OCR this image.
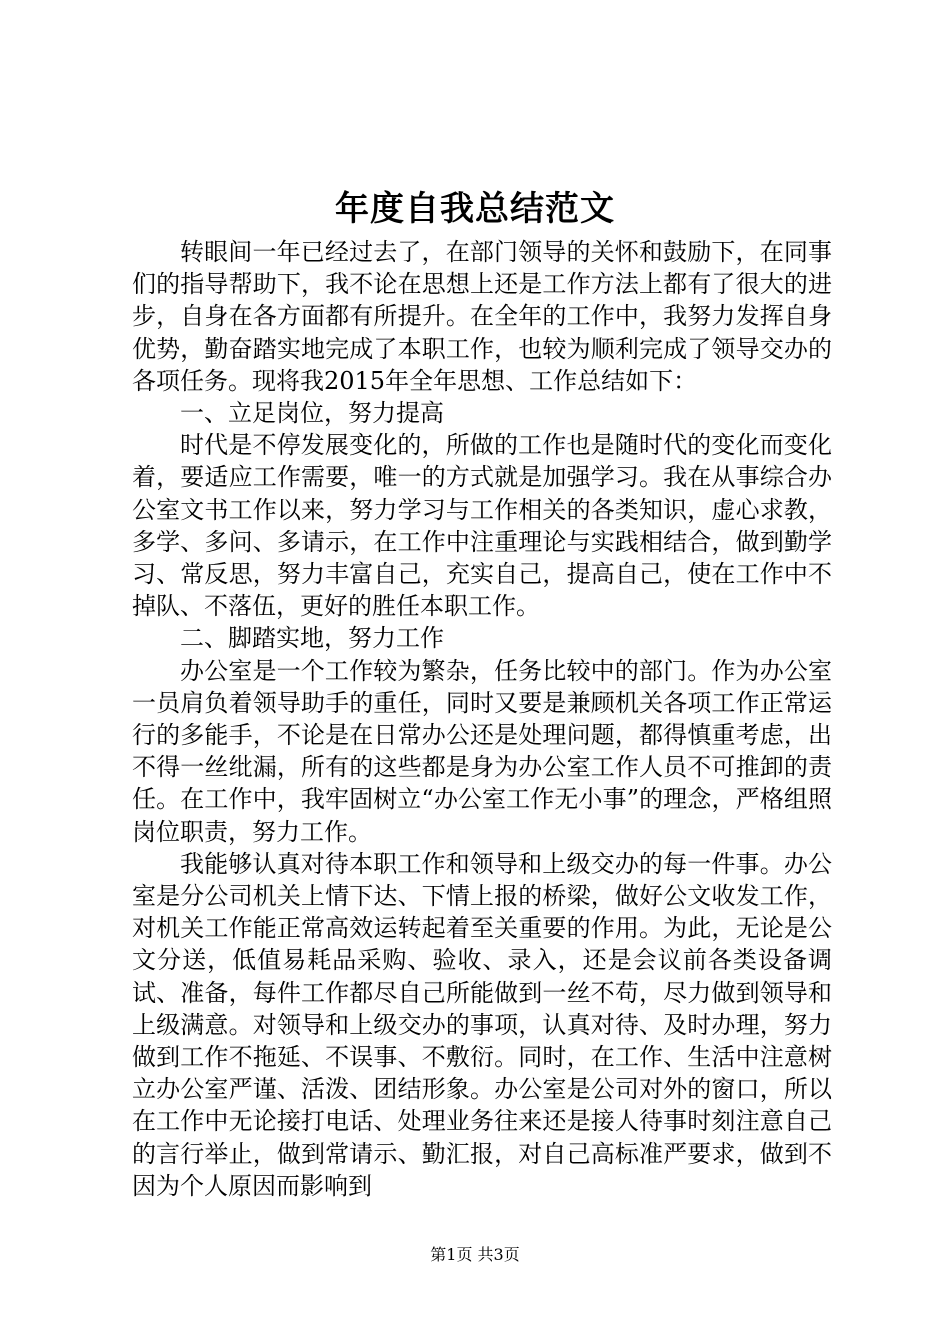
年度自我总结范文

转眼间一年已经过去了，在部门领导的关怀和鼓励下，在同事们的指导帮助下，我不论在思想上还是工作方法上都有了很大的进步，自身在各方面都有所提升。在全年的工作中，我努力发挥自身优势，勤奋踏实地完成了本职工作，也较为顺利完成了领导交办的各项任务。现将我2015年全年思想、工作总结如下：

一、立足岗位，努力提高

时代是不停发展变化的，所做的工作也是随时代的变化而变化着，要适应工作需要，唯一的方式就是加强学习。我在从事综合办公室文书工作以来，努力学习与工作相关的各类知识，虚心求教，多学、多问、多请示，在工作中注重理论与实践相结合，做到勤学习、常反思，努力丰富自己，充实自己，提高自己，使在工作中不掉队、不落伍，更好的胜任本职工作。

二、脚踏实地，努力工作

办公室是一个工作较为繁杂，任务比较中的部门。作为办公室一员肩负着领导助手的重任，同时又要是兼顾机关各项工作正常运行的多能手，不论是在日常办公还是处理问题，都得慎重考虑，出不得一丝纰漏，所有的这些都是身为办公室工作人员不可推卸的责任。在工作中，我牢固树立“办公室工作无小事”的理念，严格组照岗位职责，努力工作。

我能够认真对待本职工作和领导和上级交办的每一件事。办公室是分公司机关上情下达、下情上报的桥梁，做好公文收发工作，对机关工作能正常高效运转起着至关重要的作用。为此，无论是公文分送，低值易耗品采购、验收、录入，还是会议前各类设备调试、准备，每件工作都尽自己所能做到一丝不苟，尽力做到领导和上级满意。对领导和上级交办的事项，认真对待、及时办理，努力做到工作不拖延、不误事、不敷衍。同时，在工作、生活中注意树立办公室严谨、活泼、团结形象。办公室是公司对外的窗口，所以在工作中无论接打电话、处理业务往来还是接人待事时刻注意自己的言行举止，做到常请示、勤汇报，对自己高标准严要求，做到不因为个人原因而影响到

第1页 共3页
